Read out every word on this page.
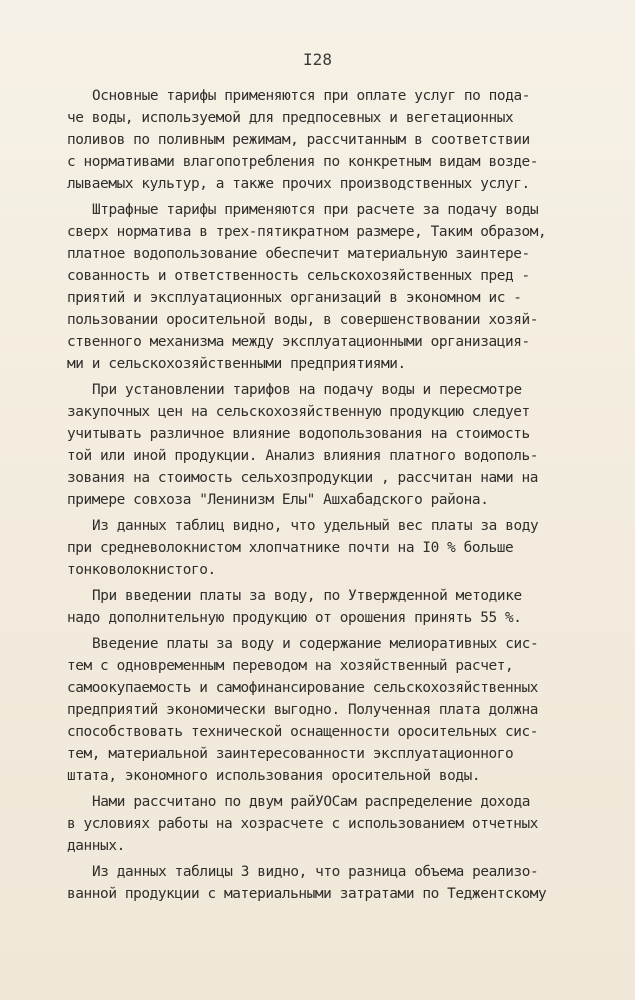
I28
Основные тарифы применяются при оплате услуг по пода-
че воды, используемой для предпосевных и вегетационных
поливов по поливным режимам, рассчитанным в соответствии
с нормативами влагопотребления по конкретным видам возде-
лываемых культур, а также прочих производственных услуг.
Штрафные тарифы применяются при расчете за подачу воды
сверх норматива в трех-пятикратном размере, Таким образом,
платное водопользование обеспечит материальную заинтере-
сованность и ответственность сельскохозяйственных пред -
приятий и эксплуатационных организаций в экономном ис -
пользовании оросительной воды, в совершенствовании хозяй-
ственного механизма между эксплуатационными организация-
ми и сельскохозяйственными предприятиями.
При установлении тарифов на подачу воды и пересмотре
закупочных цен на сельскохозяйственную продукцию следует
учитывать различное влияние водопользования на стоимость
той или иной продукции. Анализ влияния платного водополь-
зования на стоимость сельхозпродукции , рассчитан нами на
примере совхоза "Ленинизм Елы" Ашхабадского района.
Из данных таблиц видно, что удельный вес платы за воду
при средневолокнистом хлопчатнике почти на I0 % больше
тонковолокнистого.
При введении платы за воду, по Утвержденной методике
надо дополнительную продукцию от орошения принять 55 %.
Введение платы за воду и содержание мелиоративных сис-
тем с одновременным переводом на хозяйственный расчет,
самоокупаемость и самофинансирование сельскохозяйственных
предприятий экономически выгодно. Полученная плата должна
способствовать технической оснащенности оросительных сис-
тем, материальной заинтересованности эксплуатационного
штата, экономного использования оросительной воды.
Нами рассчитано по двум райУОСам распределение дохода
в условиях работы на хозрасчете с использованием отчетных
данных.
Из данных таблицы 3 видно, что разница объема реализо-
ванной продукции с материальными затратами по Теджентскому
